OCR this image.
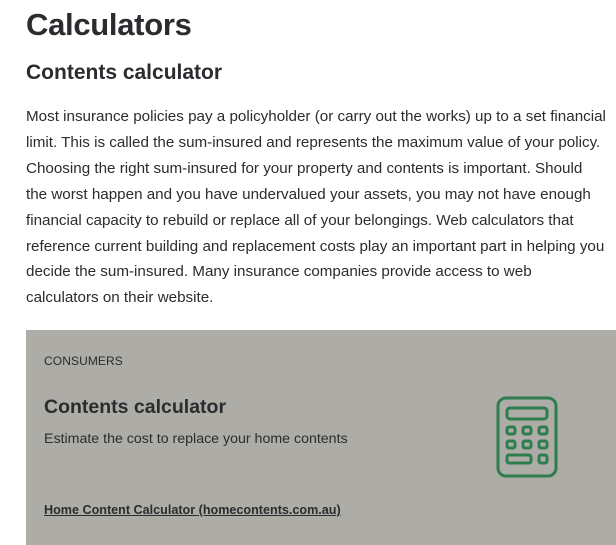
Calculators
Contents calculator

Most insurance policies pay a policyholder (or carry out the works) up to a set financial
limit. This is called the sum-insured and represents the maximum value of your policy.
Choosing the right sum-insured for your property and contents is important. Should
the worst happen and you have undervalued your assets, you may not have enough
financial capacity to rebuild or replace all of your belongings. Web calculators that
reference current building and replacement costs play an important part in helping you
decide the sum-insured. Many insurance companies provide access to web
calculators on their website.

CONSUMERS
Contents calculator
Estimate the cost to replace your home contents
Home Content Calculator (homecontents.com.au)
